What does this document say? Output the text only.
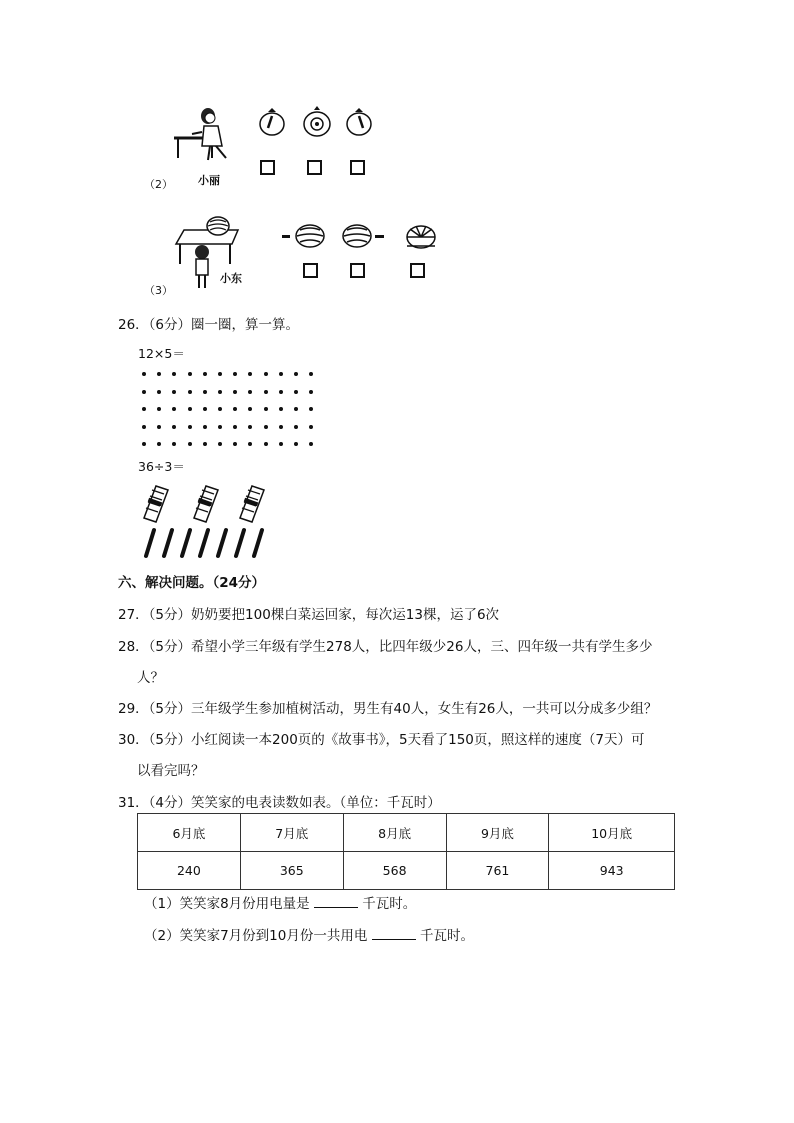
小丽
（2）
小东
（3）
26．（6分）圈一圈，算一算。
12×5＝
36÷3＝
六、解决问题。（24分）
27．（5分）奶奶要把100棵白菜运回家，每次运13棵，运了6次
28．（5分）希望小学三年级有学生278人，比四年级少26人，三、四年级一共有学生多少
人？
29．（5分）三年级学生参加植树活动，男生有40人，女生有26人，一共可以分成多少组？
30．（5分）小红阅读一本200页的《故事书》，5天看了150页，照这样的速度（7天）可
以看完吗？
31．（4分）笑笑家的电表读数如表。（单位：千瓦时）
6月底	7月底	8月底	9月底	10月底
240	365	568	761	943
（1）笑笑家8月份用电量是	千瓦时。
（2）笑笑家7月份到10月份一共用电	千瓦时。
